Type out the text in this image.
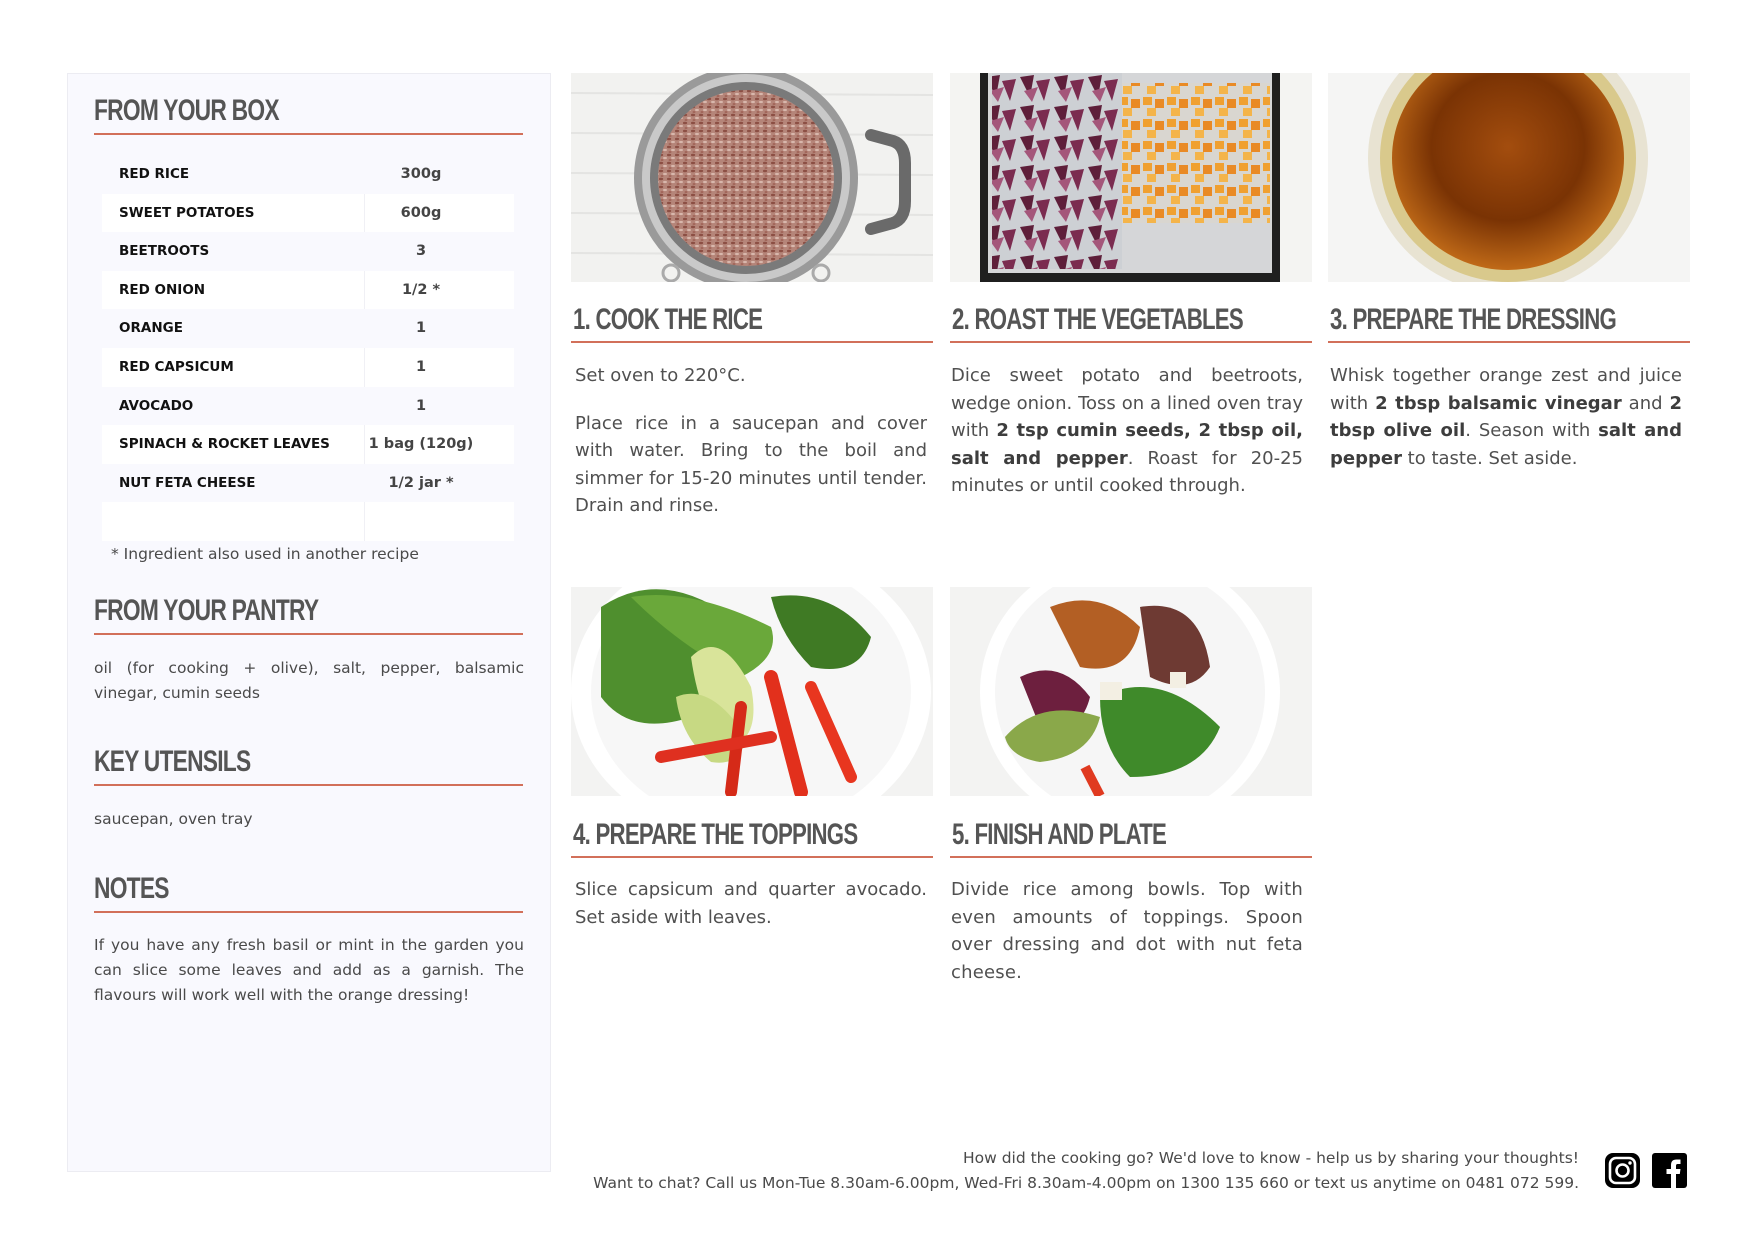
FROM YOUR BOX
RED RICE	300g
SWEET POTATOES	600g
BEETROOTS	3
RED ONION	1/2 *
ORANGE	1
RED CAPSICUM	1
AVOCADO	1
SPINACH & ROCKET LEAVES	1 bag (120g)
NUT FETA CHEESE	1/2 jar *
* Ingredient also used in another recipe
FROM YOUR PANTRY
oil (for cooking + olive), salt, pepper, balsamic vinegar, cumin seeds
KEY UTENSILS
saucepan, oven tray
NOTES
If you have any fresh basil or mint in the garden you can slice some leaves and add as a garnish. The flavours will work well with the orange dressing!
1. COOK THE RICE	2. ROAST THE VEGETABLES	3. PREPARE THE DRESSING

Set oven to 220°C.

Place rice in a saucepan and cover with water. Bring to the boil and simmer for 15-20 minutes until tender. Drain and rinse.

Dice sweet potato and beetroots, wedge onion. Toss on a lined oven tray with 2 tsp cumin seeds, 2 tbsp oil, salt and pepper. Roast for 20-25 minutes or until cooked through.

Whisk together orange zest and juice with 2 tbsp balsamic vinegar and 2 tbsp olive oil. Season with salt and pepper to taste. Set aside.

4. PREPARE THE TOPPINGS	5. FINISH AND PLATE

Slice capsicum and quarter avocado. Set aside with leaves.

Divide rice among bowls. Top with even amounts of toppings. Spoon over dressing and dot with nut feta cheese.

How did the cooking go? We'd love to know - help us by sharing your thoughts!
Want to chat? Call us Mon-Tue 8.30am-6.00pm, Wed-Fri 8.30am-4.00pm on 1300 135 660 or text us anytime on 0481 072 599.
